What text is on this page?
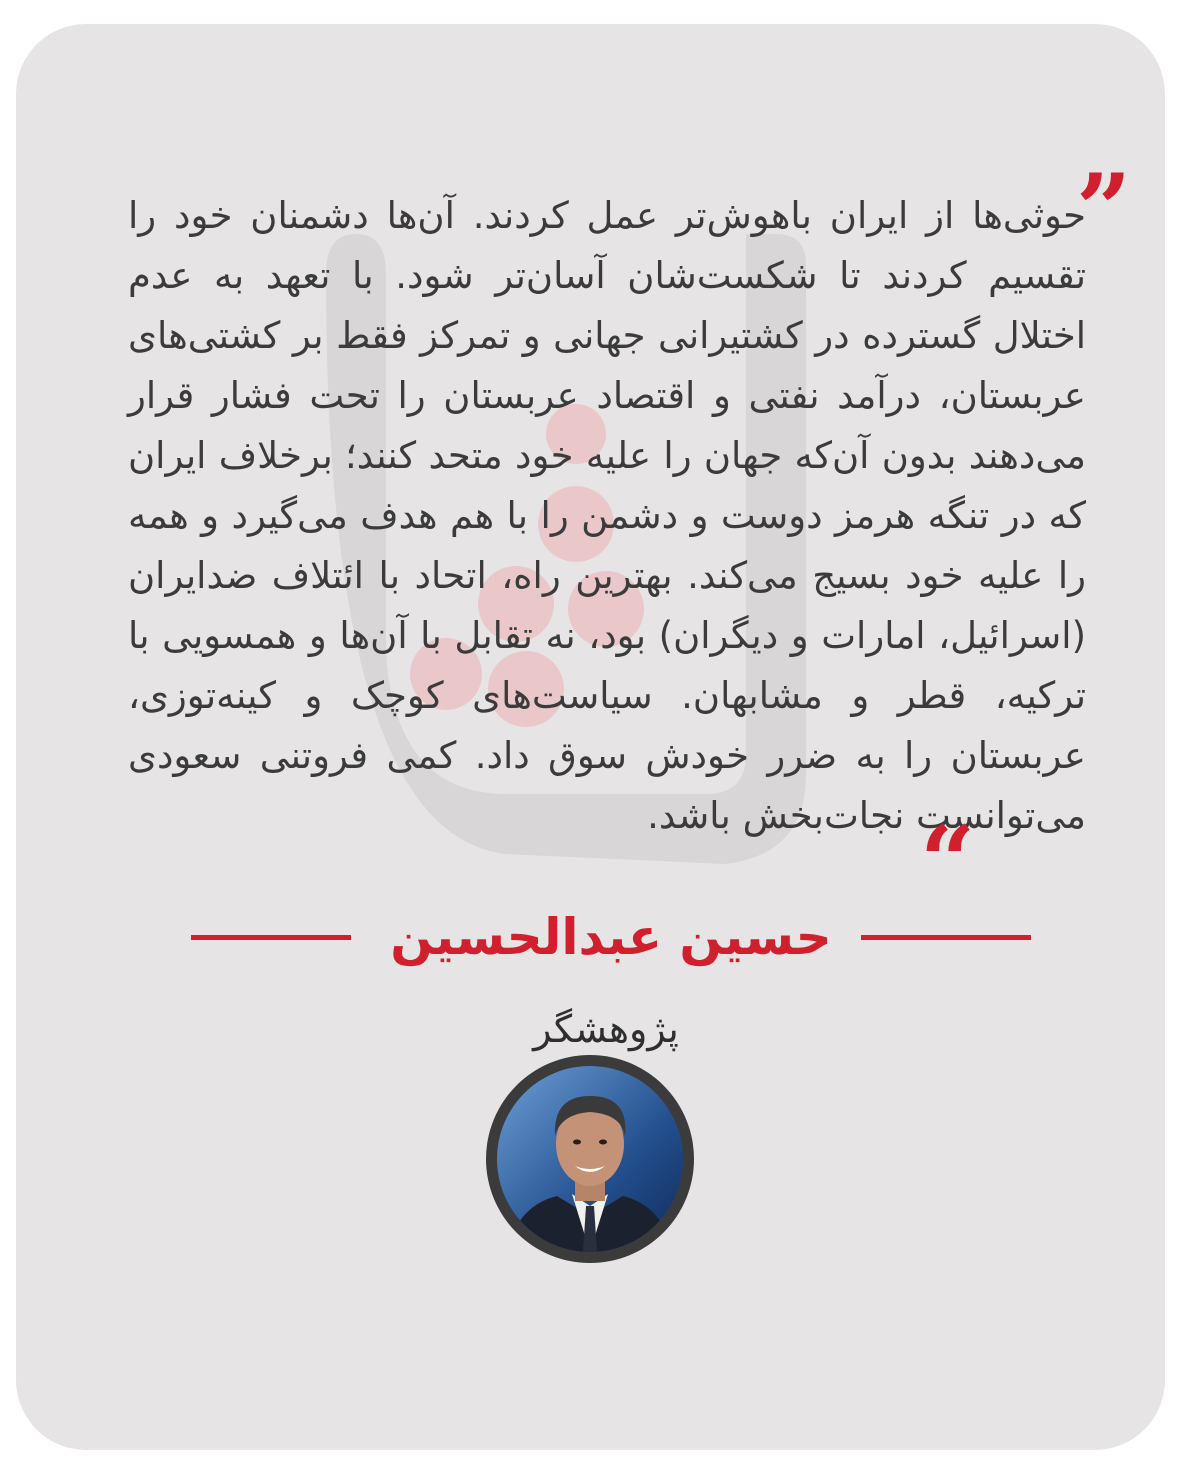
”

حوثی‌ها از ایران باهوش‌تر عمل کردند. آن‌ها دشمنان خود را تقسیم کردند تا شکست‌شان آسان‌تر شود. با تعهد به عدم اختلال گسترده در کشتیرانی جهانی و تمرکز فقط بر کشتی‌های عربستان، درآمد نفتی و اقتصاد عربستان را تحت فشار قرار می‌دهند بدون آن‌که جهان را علیه خود متحد کنند؛ برخلاف ایران که در تنگه هرمز دوست و دشمن را با هم هدف می‌گیرد و همه را علیه خود بسیج می‌کند. بهترین راه، اتحاد با ائتلاف ضدایران (اسرائیل، امارات و دیگران) بود، نه تقابل با آن‌ها و همسویی با ترکیه، قطر و مشابهان. سیاست‌های کوچک و کینه‌توزی، عربستان را به ضرر خودش سوق داد. کمی فروتنی سعودی می‌توانست نجات‌بخش باشد.

“
حسین عبدالحسین
پژوهشگر
